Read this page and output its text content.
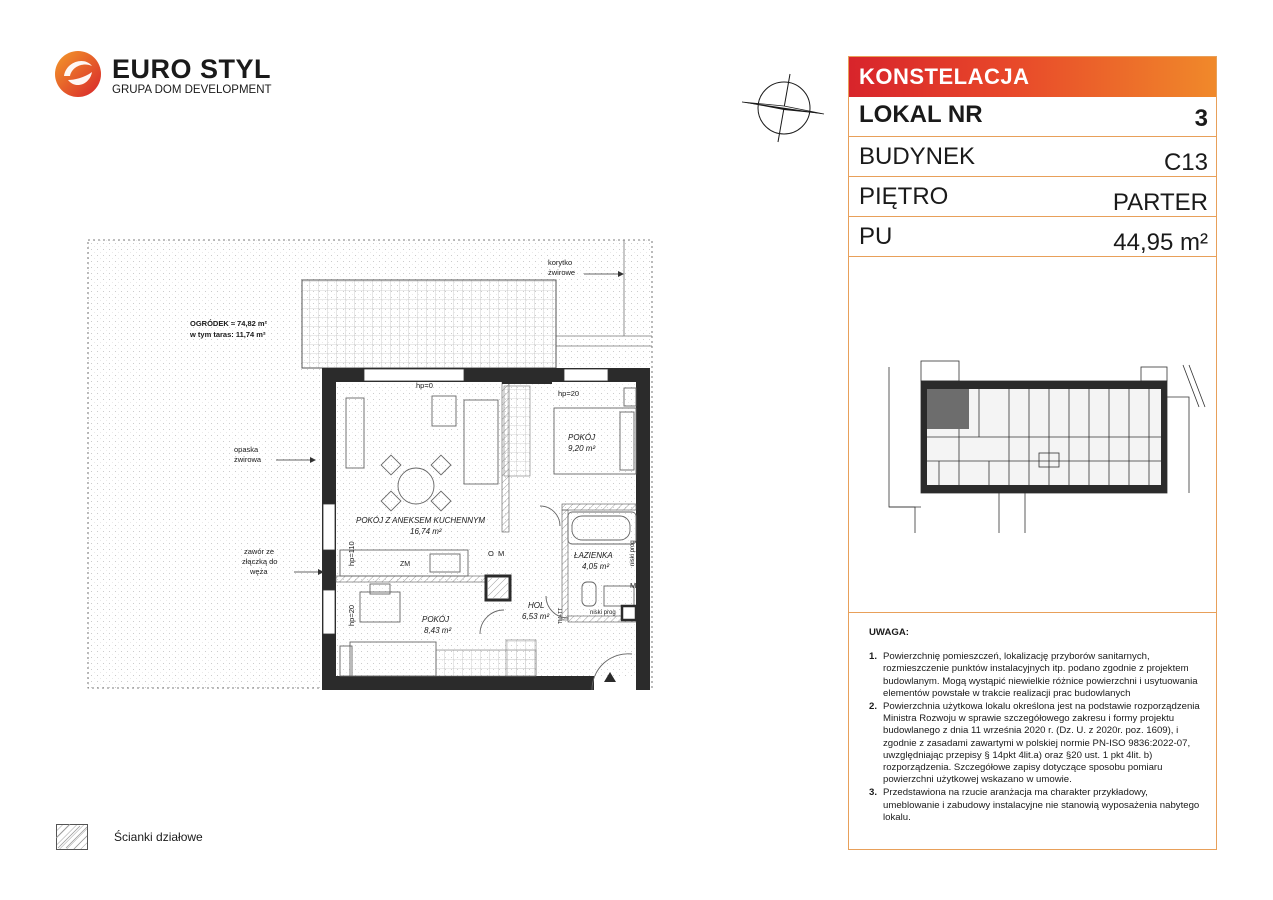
EURO STYL
GRUPA DOM DEVELOPMENT
OGRÓDEK ≈ 74,82 m²
w tym taras: 11,74 m²
korytko
żwirowe
opaska
żwirowa
zawór ze
złączką do
węża
hp=0
hp=20
hp=110
hp=20
POKÓJ
9,20 m²
POKÓJ Z ANEKSEM KUCHENNYM
16,74 m²
ŁAZIENKA
4,05 m²
POKÓJ
8,43 m²
HOL
6,53 m²
ZM
O M
M
niski prog
niski prog
TM+TT
Ścianki działowe
KONSTELACJA
LOKAL NR	3
BUDYNEK	C13
PIĘTRO	PARTER
PU	44,95 m²
UWAGA:
1. Powierzchnię pomieszczeń, lokalizację przyborów sanitarnych, rozmieszczenie punktów instalacyjnych itp. podano zgodnie z projektem budowlanym. Mogą wystąpić niewielkie różnice powierzchni i usytuowania elementów powstałe w trakcie realizacji prac budowlanych
2. Powierzchnia użytkowa lokalu określona jest na podstawie rozporządzenia Ministra Rozwoju w sprawie szczegółowego zakresu i formy projektu budowlanego z dnia 11 września 2020 r. (Dz. U. z 2020r. poz. 1609), i zgodnie z zasadami zawartymi w polskiej normie PN-ISO 9836:2022-07, uwzględniając przepisy § 14pkt 4lit.a) oraz §20 ust. 1 pkt 4lit. b) rozporządzenia. Szczegółowe zapisy dotyczące sposobu pomiaru powierzchni użytkowej wskazano w umowie.
3. Przedstawiona na rzucie aranżacja ma charakter przykładowy, umeblowanie i zabudowy instalacyjne nie stanowią wyposażenia nabytego lokalu.
